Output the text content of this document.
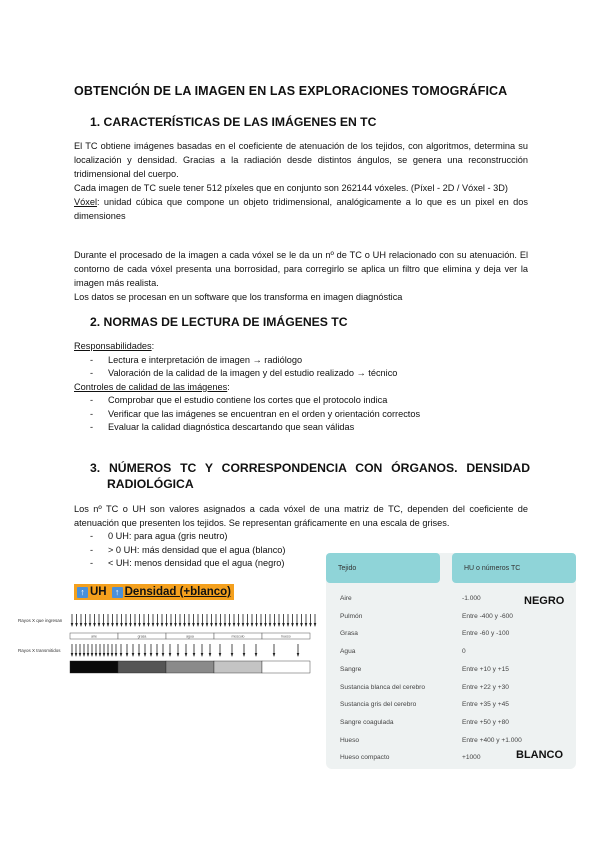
OBTENCIÓN DE LA IMAGEN EN LAS EXPLORACIONES TOMOGRÁFICA
1. CARACTERÍSTICAS DE LAS IMÁGENES EN TC

El TC obtiene imágenes basadas en el coeficiente de atenuación de los tejidos, con algoritmos, determina su localización y densidad. Gracias a la radiación desde distintos ángulos, se genera una reconstrucción tridimensional del cuerpo.

Cada imagen de TC suele tener 512 píxeles que en conjunto son 262144 vóxeles. (Píxel - 2D / Vóxel - 3D)

Vóxel: unidad cúbica que compone un objeto tridimensional, analógicamente a lo que es un pixel en dos dimensiones

Durante el procesado de la imagen a cada vóxel se le da un nº de TC o UH relacionado con su atenuación. El contorno de cada vóxel presenta una borrosidad, para corregirlo se aplica un filtro que elimina y deja ver la imagen más realista.

Los datos se procesan en un software que los transforma en imagen diagnóstica

2. NORMAS DE LECTURA DE IMÁGENES TC
Responsabilidades:
- Lectura e interpretación de imagen → radiólogo
- Valoración de la calidad de la imagen y del estudio realizado → técnico
Controles de calidad de las imágenes:
- Comprobar que el estudio contiene los cortes que el protocolo indica
- Verificar que las imágenes se encuentran en el orden y orientación correctos
- Evaluar la calidad diagnóstica descartando que sean válidas
3. NÚMEROS TC Y CORRESPONDENCIA CON ÓRGANOS. DENSIDAD
RADIOLÓGICA
Los nº TC o UH son valores asignados a cada vóxel de una matriz de TC, dependen del coeficiente de atenuación que presenten los tejidos. Se representan gráficamente en una escala de grises.
- 0 UH: para agua (gris neutro)
- > 0 UH: más densidad que el agua (blanco)
- < UH: menos densidad que el agua (negro)
↑ UH ↑ Densidad (+blanco)
Rayos X que ingresan
Rayos X transmitidos
aire	grasa	agua	músculo	hueso
Tejido	HU o números TC
Aire	-1.000
Pulmón	Entre -400 y -600
Grasa	Entre -60 y -100
Agua	0
Sangre	Entre +10 y +15
Sustancia blanca del cerebro	Entre +22 y +30
Sustancia gris del cerebro	Entre +35 y +45
Sangre coagulada	Entre +50 y +80
Hueso	Entre +400 y +1.000
Hueso compacto	+1000
NEGRO
BLANCO
